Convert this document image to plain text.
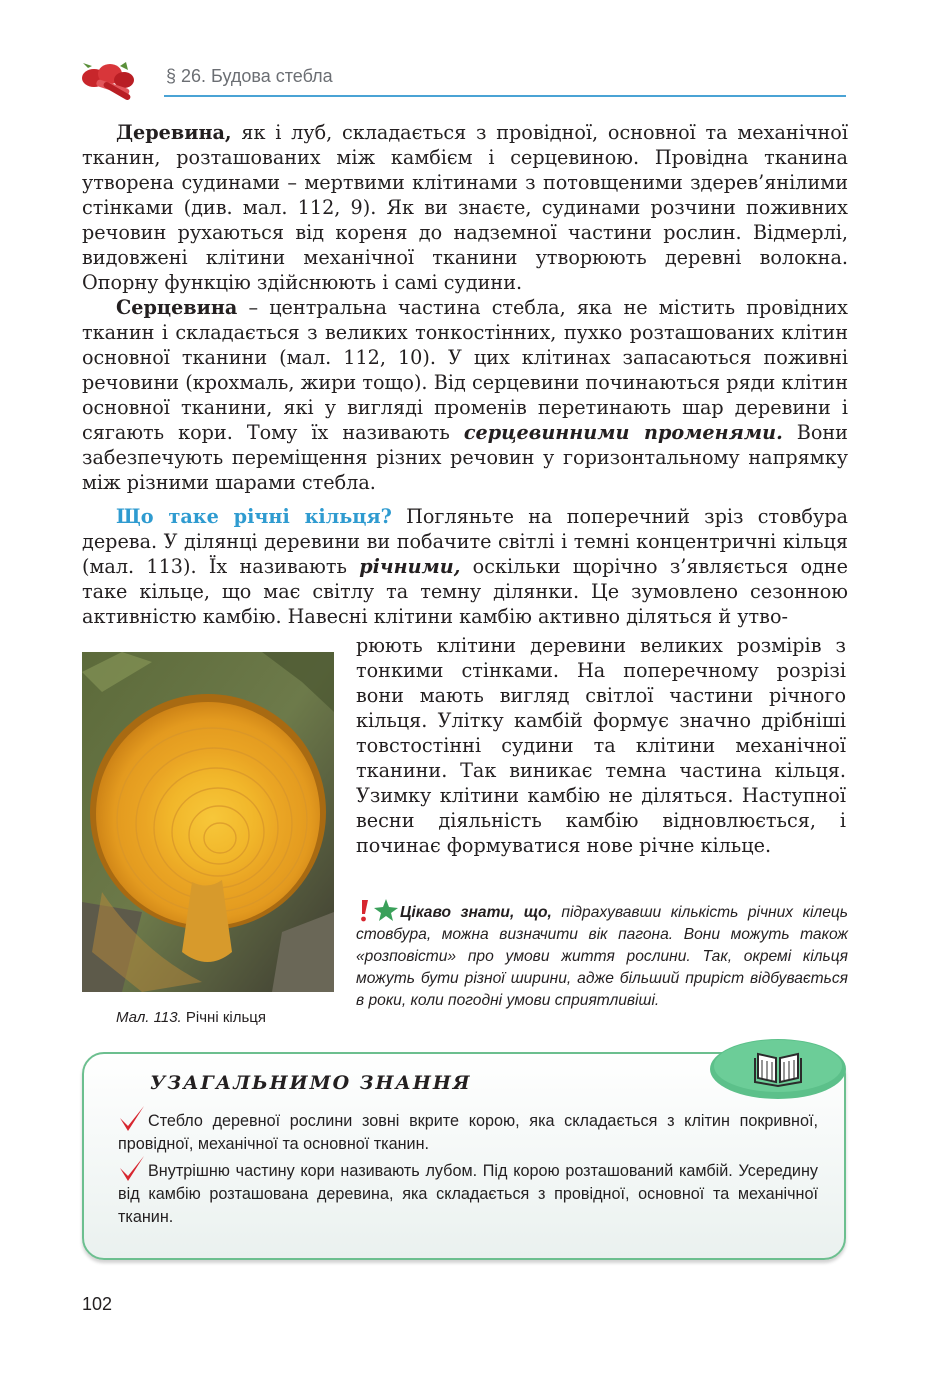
§ 26. Будова стебла

Деревина, як і луб, складається з провідної, основної та механічної тканин, розташованих між камбієм і серцевиною. Провідна тканина утворена судинами – мертвими клітинами з потовщеними здерев’янілими стінками (див. мал. 112, 9). Як ви знаєте, судинами розчини поживних речовин рухаються від кореня до надземної частини рослин. Відмерлі, видовжені клітини механічної тканини утворюють деревні волокна. Опорну функцію здійснюють і самі судини.

Серцевина – центральна частина стебла, яка не містить провідних тканин і складається з великих тонкостінних, пухко розташованих клітин основної тканини (мал. 112, 10). У цих клітинах запасаються поживні речовини (крохмаль, жири тощо). Від серцевини починаються ряди клітин основної тканини, які у вигляді променів перетинають шар деревини і сягають кори. Тому їх називають серцевинними променями. Вони забезпечують переміщення різних речовин у горизонтальному напрямку між різними шарами стебла.

Що таке річні кільця? Погляньте на поперечний зріз стовбура дерева. У ділянці деревини ви побачите світлі і темні концентричні кільця (мал. 113). Їх називають річними, оскільки щорічно з’являється одне таке кільце, що має світлу та темну ділянки. Це зумовлено сезонною активністю камбію. Навесні клітини камбію активно діляться й утво-

Мал. 113. Річні кільця

рюють клітини деревини великих розмірів з тонкими стінками. На поперечному розрізі вони мають вигляд світлої частини річного кільця. Улітку камбій формує значно дрібніші товстостінні судини та клітини механічної тканини. Так виникає темна частина кільця. Узимку клітини камбію не діляться. Наступної весни діяльність камбію відновлюється, і починає формуватися нове річне кільце.

Цікаво знати, що, підрахувавши кількість річних кілець стовбура, можна визначити вік пагона. Вони можуть також «розповісти» про умови життя рослини. Так, окремі кільця можуть бути різної ширини, адже більший приріст відбувається в роки, коли погодні умови сприятливіші.
УЗАГАЛЬНИМО ЗНАННЯ

Стебло деревної рослини зовні вкрите корою, яка складається з клітин покривної, провідної, механічної та основної тканин.

Внутрішню частину кори називають лубом. Під корою розташований камбій. Усередину від камбію розташована деревина, яка складається з провідної, основної та механічної тканин.

102
